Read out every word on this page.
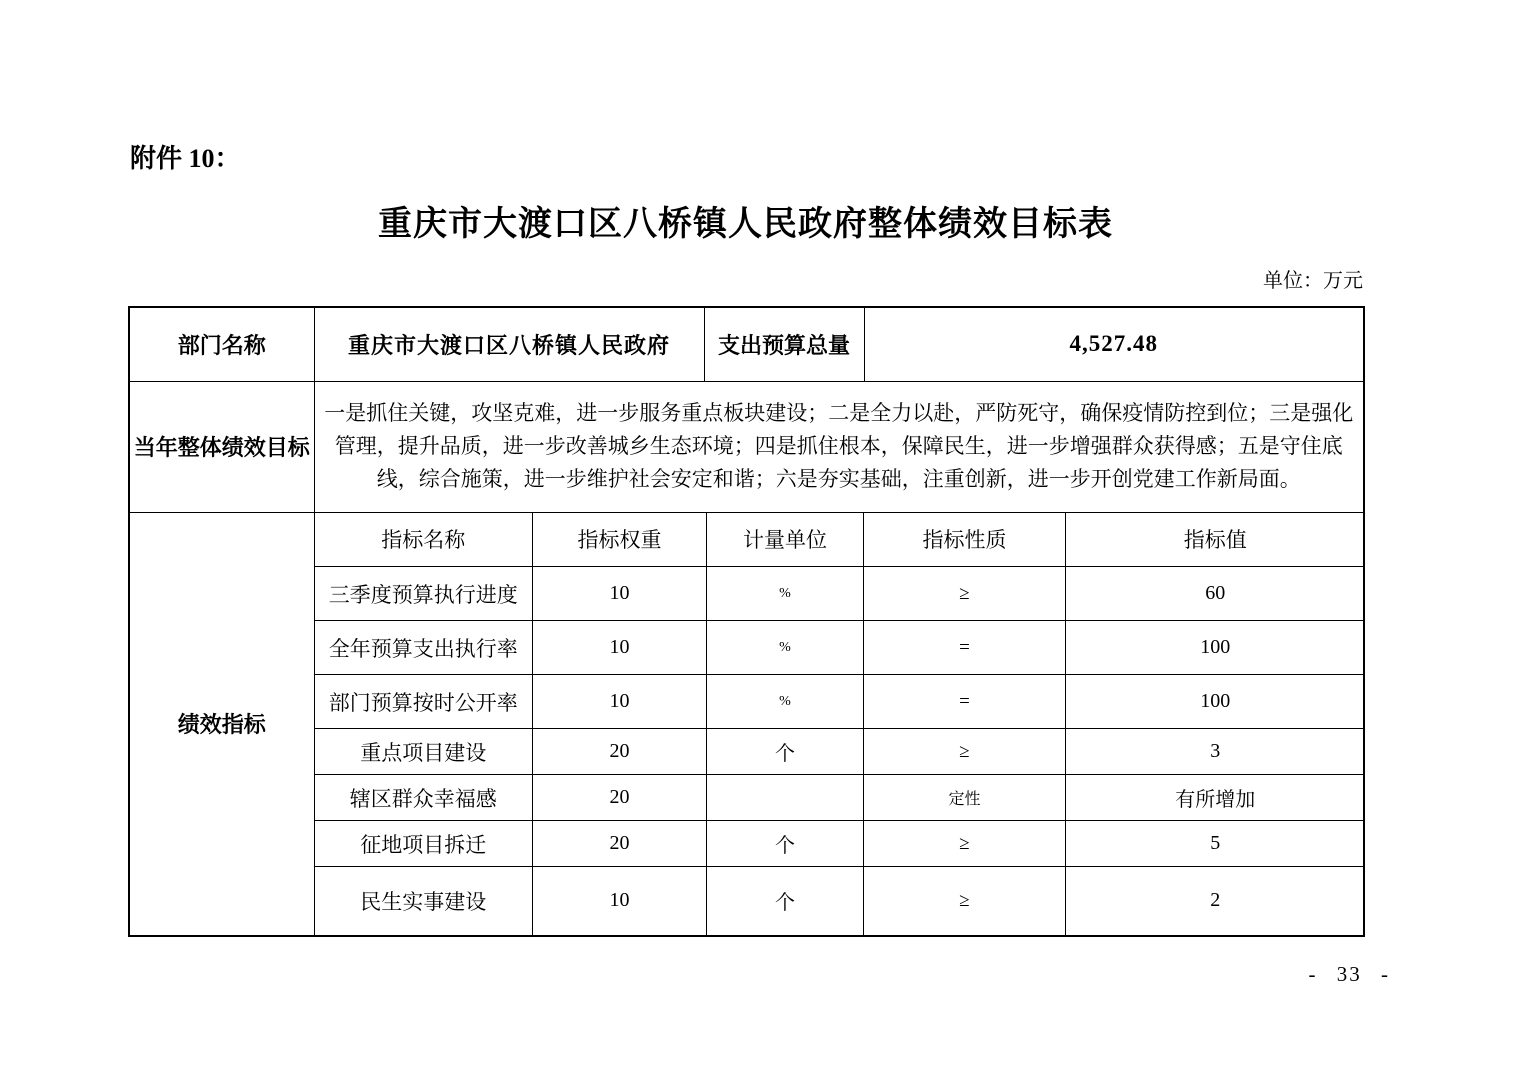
附件 10：
重庆市大渡口区八桥镇人民政府整体绩效目标表
单位：万元
部门名称	重庆市大渡口区八桥镇人民政府	支出预算总量	4,527.48
当年整体绩效目标	一是抓住关键，攻坚克难，进一步服务重点板块建设；二是全力以赴，严防死守，确保疫情防控到位；三是强化管理，提升品质，进一步改善城乡生态环境；四是抓住根本，保障民生，进一步增强群众获得感；五是守住底线，综合施策，进一步维护社会安定和谐；六是夯实基础，注重创新，进一步开创党建工作新局面。
绩效指标	
指标名称	指标权重	计量单位	指标性质	指标值
三季度预算执行进度	10	%	≥	60
全年预算支出执行率	10	%	=	100
部门预算按时公开率	10	%	=	100
重点项目建设	20	个	≥	3
辖区群众幸福感	20		定性	有所增加
征地项目拆迁	20	个	≥	5
民生实事建设	10	个	≥	2
- 33 -
